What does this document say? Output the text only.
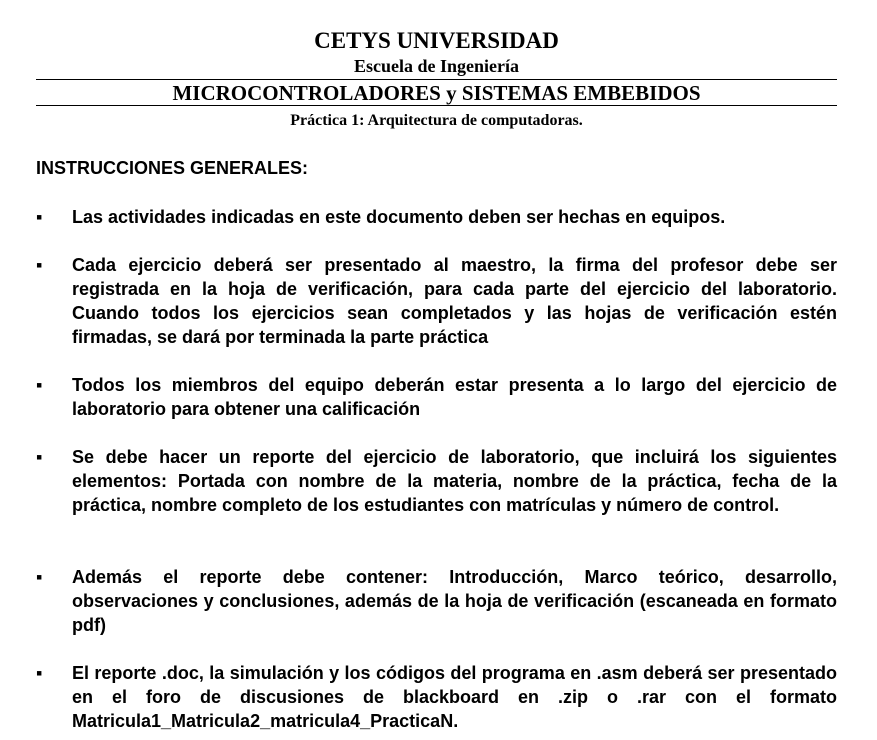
CETYS UNIVERSIDAD
Escuela de Ingeniería
MICROCONTROLADORES y SISTEMAS EMBEBIDOS
Práctica 1: Arquitectura de computadoras.
INSTRUCCIONES GENERALES:
▪ Las actividades indicadas en este documento deben ser hechas en equipos.
▪ Cada ejercicio deberá ser presentado al maestro, la firma del profesor debe ser registrada en la hoja de verificación, para cada parte del ejercicio del laboratorio. Cuando todos los ejercicios sean completados y las hojas de verificación estén firmadas, se dará por terminada la parte práctica
▪ Todos los miembros del equipo deberán estar presenta a lo largo del ejercicio de laboratorio para obtener una calificación
▪ Se debe hacer un reporte del ejercicio de laboratorio, que incluirá los siguientes elementos: Portada con nombre de la materia, nombre de la práctica, fecha de la práctica, nombre completo de los estudiantes con matrículas y número de control.
▪ Además el reporte debe contener: Introducción, Marco teórico, desarrollo, observaciones y conclusiones, además de la hoja de verificación (escaneada en formato pdf)
▪ El reporte .doc, la simulación y los códigos del programa en .asm deberá ser presentado en el foro de discusiones de blackboard en .zip o .rar con el formato Matricula1_Matricula2_matricula4_PracticaN.
